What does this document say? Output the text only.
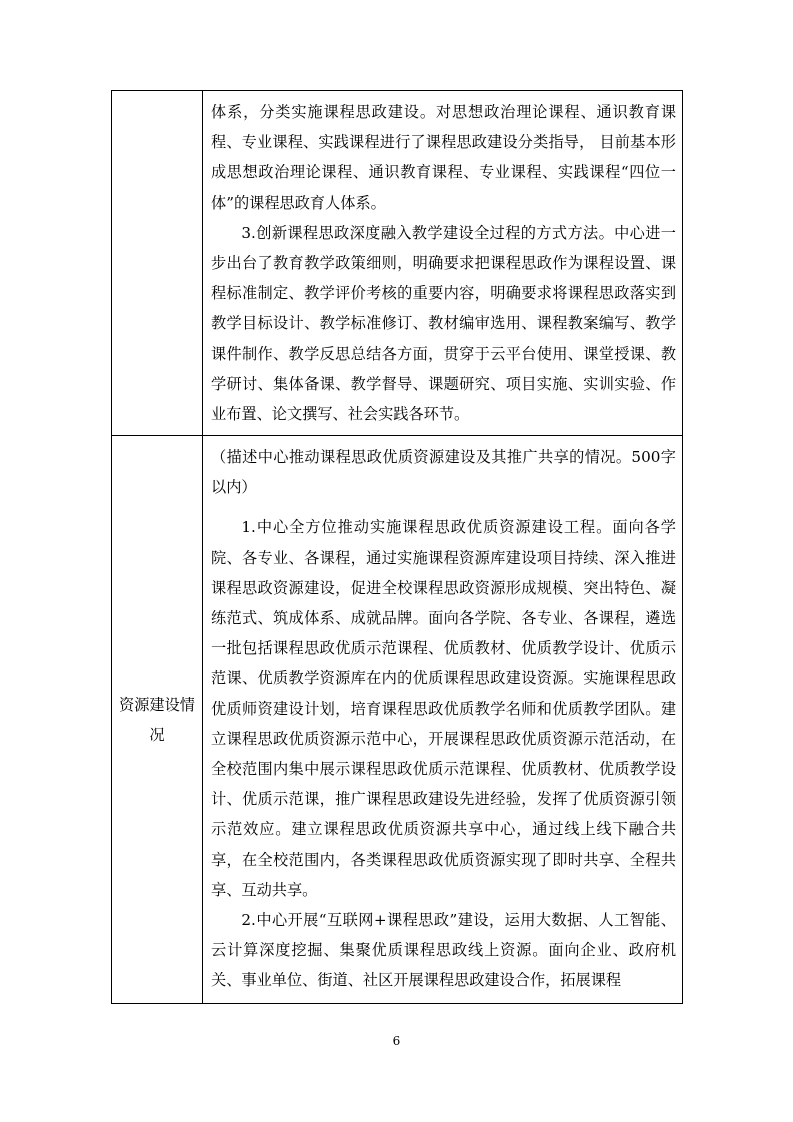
	体系，分类实施课程思政建设。对思想政治理论课程、通识教育课程、专业课程、实践课程进行了课程思政建设分类指导， 目前基本形成思想政治理论课程、通识教育课程、专业课程、实践课程“四位一体”的课程思政育人体系。

3.创新课程思政深度融入教学建设全过程的方式方法。中心进一步出台了教育教学政策细则，明确要求把课程思政作为课程设置、课程标准制定、教学评价考核的重要内容，明确要求将课程思政落实到教学目标设计、教学标准修订、教材编审选用、课程教案编写、教学课件制作、教学反思总结各方面，贯穿于云平台使用、课堂授课、教学研讨、集体备课、教学督导、课题研究、项目实施、实训实验、作业布置、论文撰写、社会实践各环节。

资源建设情况	（描述中心推动课程思政优质资源建设及其推广共享的情况。500字以内）

1.中心全方位推动实施课程思政优质资源建设工程。面向各学院、各专业、各课程，通过实施课程资源库建设项目持续、深入推进课程思政资源建设，促进全校课程思政资源形成规模、突出特色、凝练范式、筑成体系、成就品牌。面向各学院、各专业、各课程，遴选一批包括课程思政优质示范课程、优质教材、优质教学设计、优质示范课、优质教学资源库在内的优质课程思政建设资源。实施课程思政优质师资建设计划，培育课程思政优质教学名师和优质教学团队。建立课程思政优质资源示范中心，开展课程思政优质资源示范活动，在全校范围内集中展示课程思政优质示范课程、优质教材、优质教学设计、优质示范课，推广课程思政建设先进经验，发挥了优质资源引领示范效应。建立课程思政优质资源共享中心，通过线上线下融合共享，在全校范围内，各类课程思政优质资源实现了即时共享、全程共享、互动共享。

2.中心开展“互联网+课程思政”建设，运用大数据、人工智能、云计算深度挖掘、集聚优质课程思政线上资源。面向企业、政府机关、事业单位、街道、社区开展课程思政建设合作，拓展课程

6
